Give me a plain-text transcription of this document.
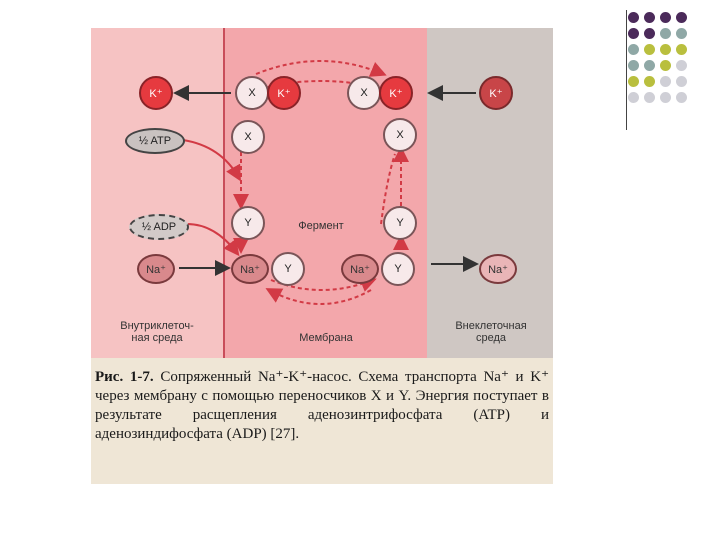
K⁺
½ ATP
½ ADP
Na⁺
X K⁺	X K⁺
X	X
Y	Фермент	Y
Na⁺ Y	Na⁺ Y
K⁺
Na⁺
Внутриклеточ-
ная среда	Мембрана
Внеклеточная
среда
Рис. 1-7. Сопряженный Na⁺-K⁺-насос. Схема транспорта Na⁺ и K⁺ через мембрану с помощью переносчиков X и Y. Энергия поступает в результате расщепления аденозинтрифосфата (ATP) и аденозиндифосфата (ADP) [27].
